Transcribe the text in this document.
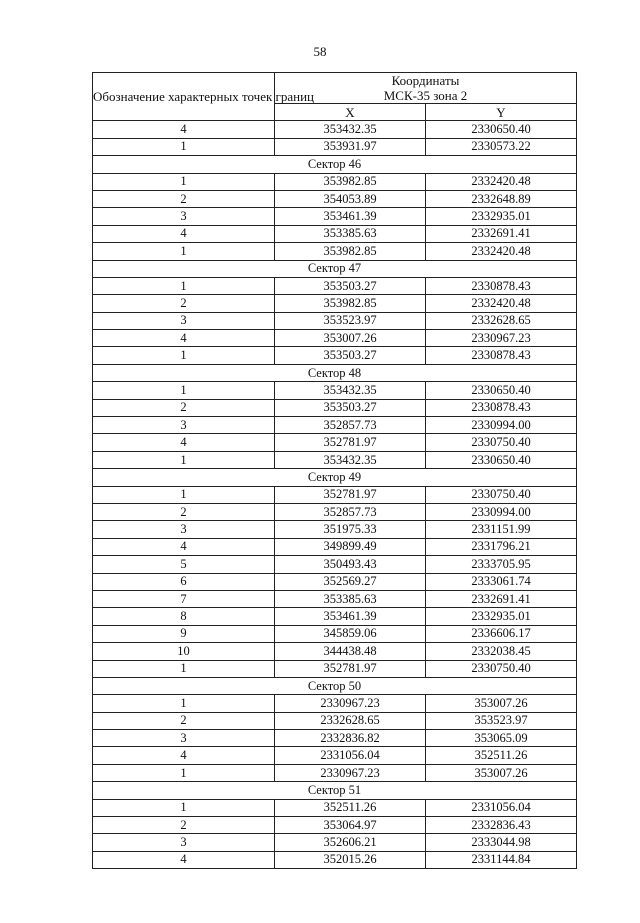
58
Обозначение характерных точек границ	Координаты
МСК-35 зона 2	
	X	Y
4	353432.35	2330650.40
1	353931.97	2330573.22
Сектор 46		
1	353982.85	2332420.48
2	354053.89	2332648.89
3	353461.39	2332935.01
4	353385.63	2332691.41
1	353982.85	2332420.48
Сектор 47		
1	353503.27	2330878.43
2	353982.85	2332420.48
3	353523.97	2332628.65
4	353007.26	2330967.23
1	353503.27	2330878.43
Сектор 48		
1	353432.35	2330650.40
2	353503.27	2330878.43
3	352857.73	2330994.00
4	352781.97	2330750.40
1	353432.35	2330650.40
Сектор 49		
1	352781.97	2330750.40
2	352857.73	2330994.00
3	351975.33	2331151.99
4	349899.49	2331796.21
5	350493.43	2333705.95
6	352569.27	2333061.74
7	353385.63	2332691.41
8	353461.39	2332935.01
9	345859.06	2336606.17
10	344438.48	2332038.45
1	352781.97	2330750.40
Сектор 50		
1	2330967.23	353007.26
2	2332628.65	353523.97
3	2332836.82	353065.09
4	2331056.04	352511.26
1	2330967.23	353007.26
Сектор 51		
1	352511.26	2331056.04
2	353064.97	2332836.43
3	352606.21	2333044.98
4	352015.26	2331144.84
